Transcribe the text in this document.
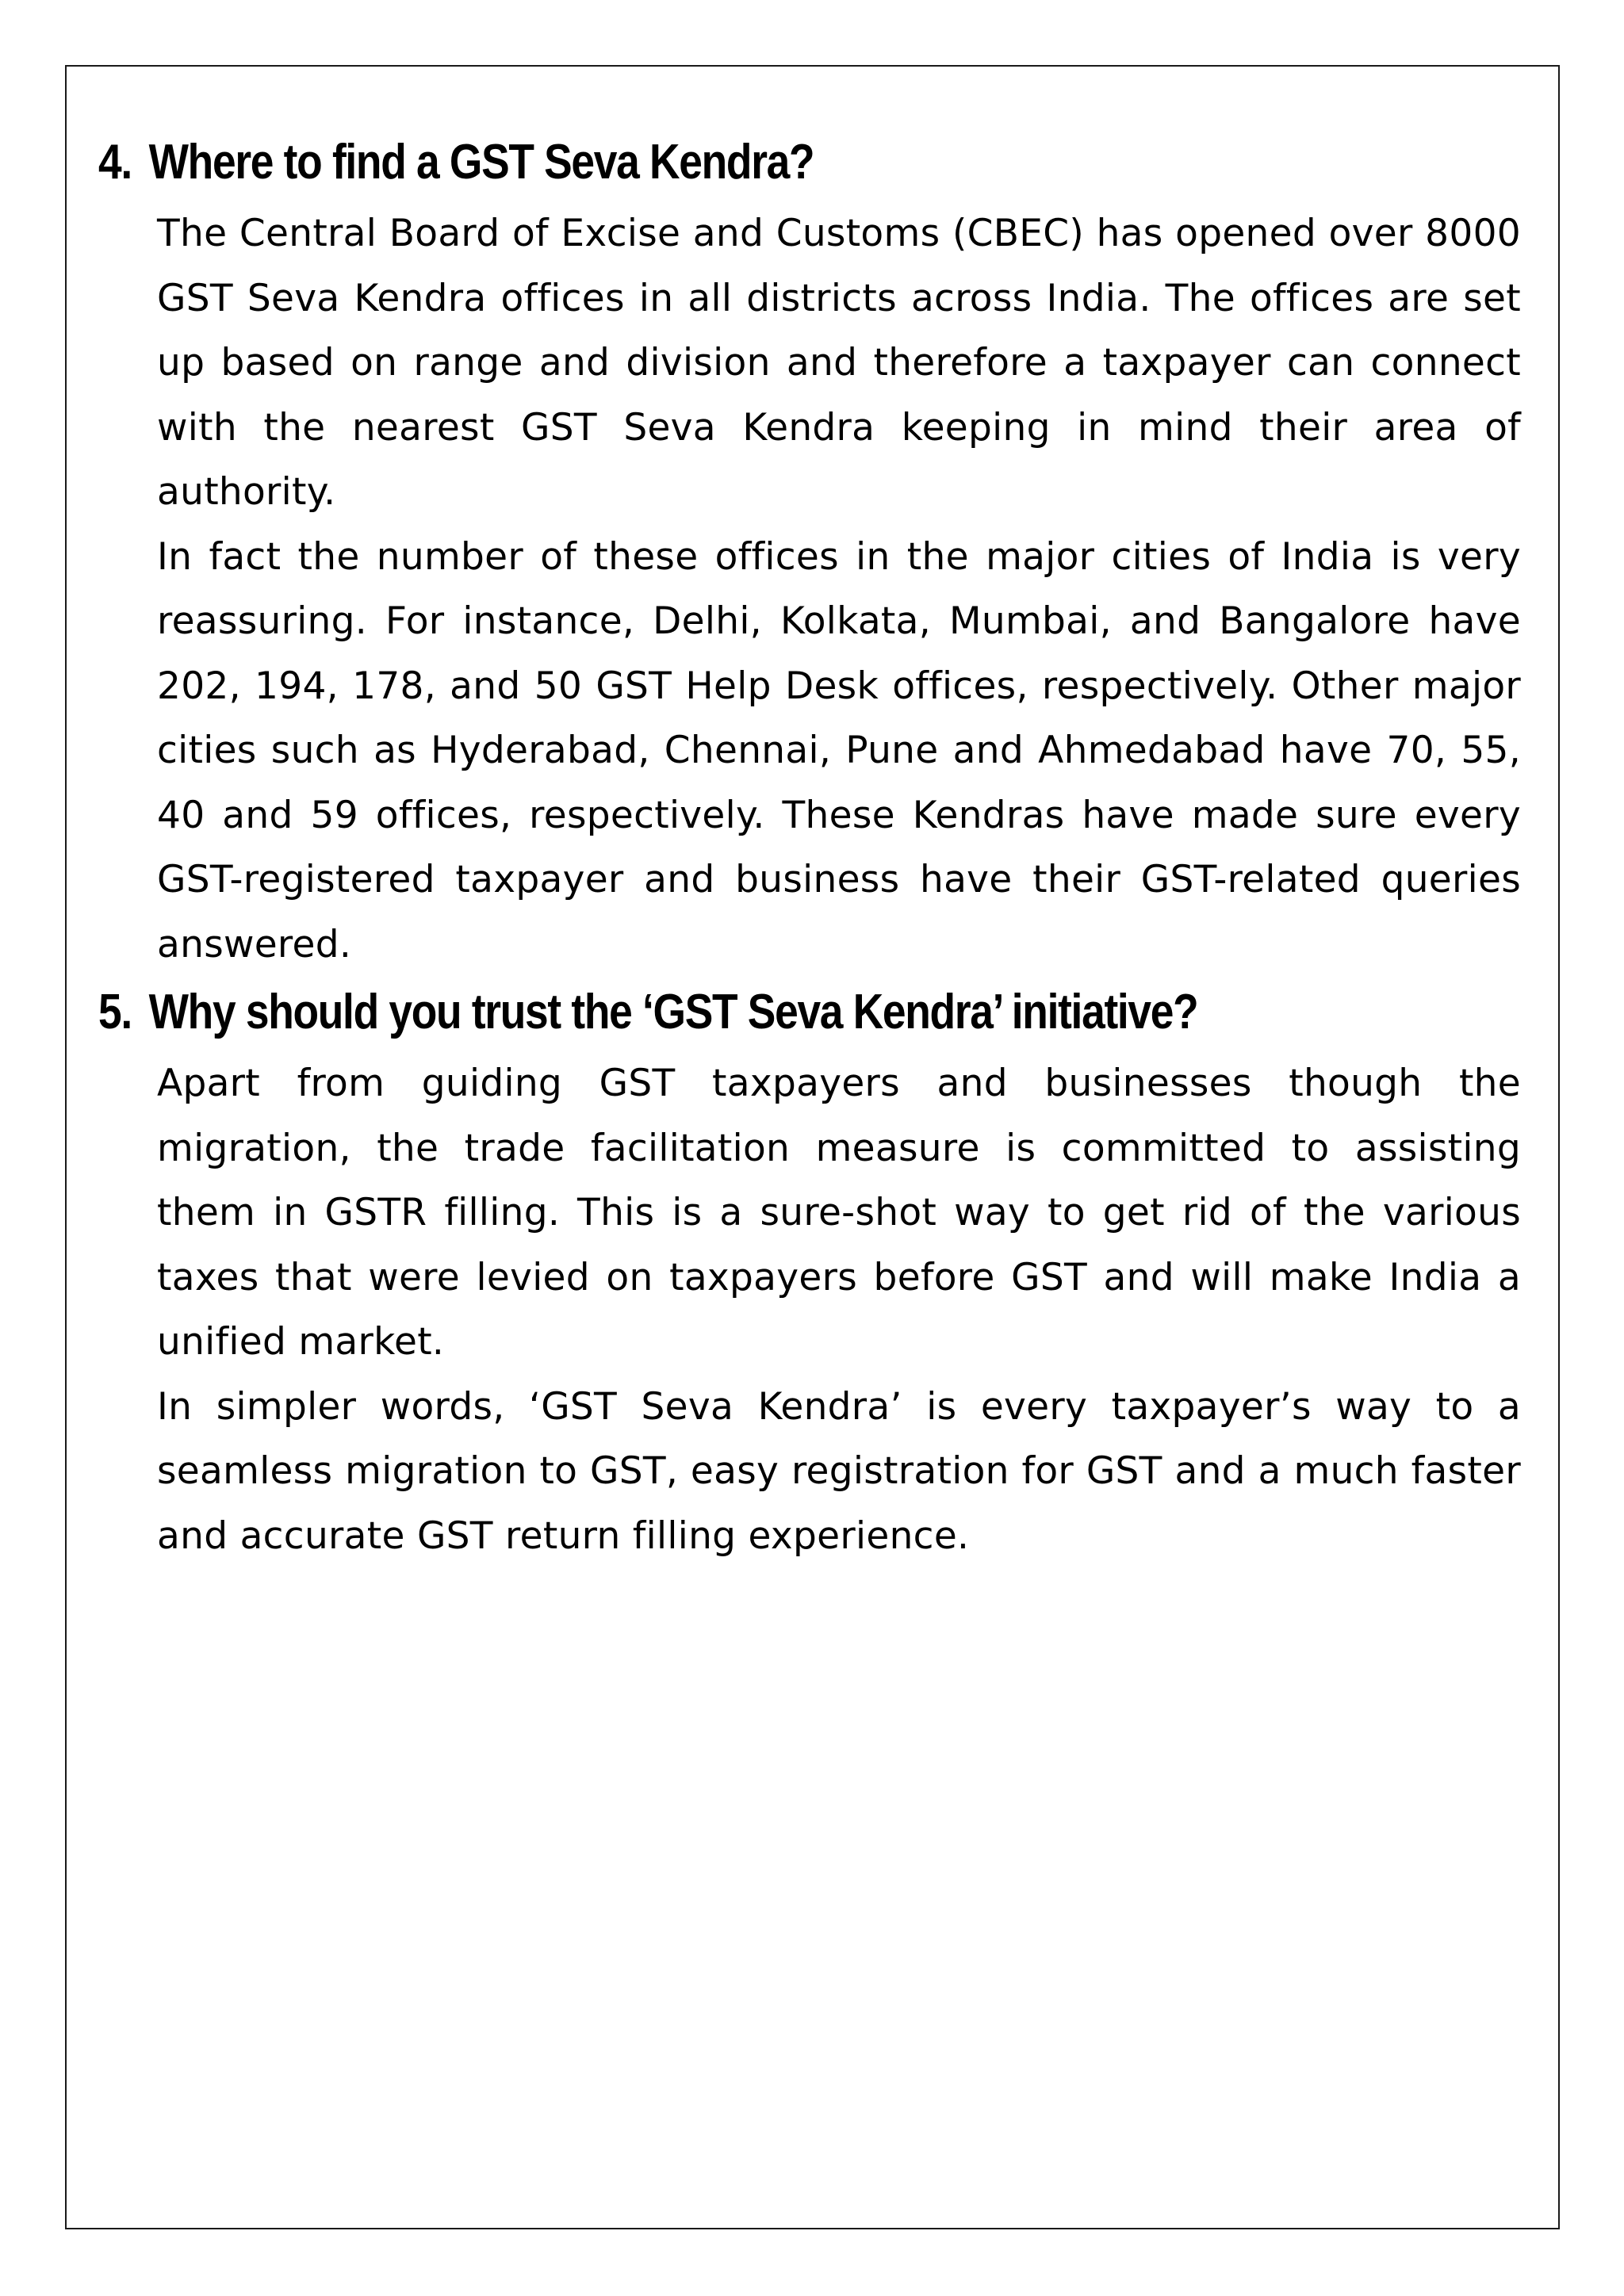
4. Where to find a GST Seva Kendra?

The Central Board of Excise and Customs (CBEC) has opened over 8000 GST Seva Kendra offices in all districts across India. The offices are set up based on range and division and therefore a taxpayer can connect with the nearest GST Seva Kendra keeping in mind their area of authority.

In fact the number of these offices in the major cities of India is very reassuring. For instance, Delhi, Kolkata, Mumbai, and Bangalore have 202, 194, 178, and 50 GST Help Desk offices, respectively. Other major cities such as Hyderabad, Chennai, Pune and Ahmedabad have 70, 55, 40 and 59 offices, respectively. These Kendras have made sure every GST-registered taxpayer and business have their GST-related queries answered.

5. Why should you trust the ‘GST Seva Kendra’ initiative?

Apart from guiding GST taxpayers and businesses though the migration, the trade facilitation measure is committed to assisting them in GSTR filling. This is a sure-shot way to get rid of the various taxes that were levied on taxpayers before GST and will make India a unified market.

In simpler words, ‘GST Seva Kendra’ is every taxpayer’s way to a seamless migration to GST, easy registration for GST and a much faster and accurate GST return filling experience.
